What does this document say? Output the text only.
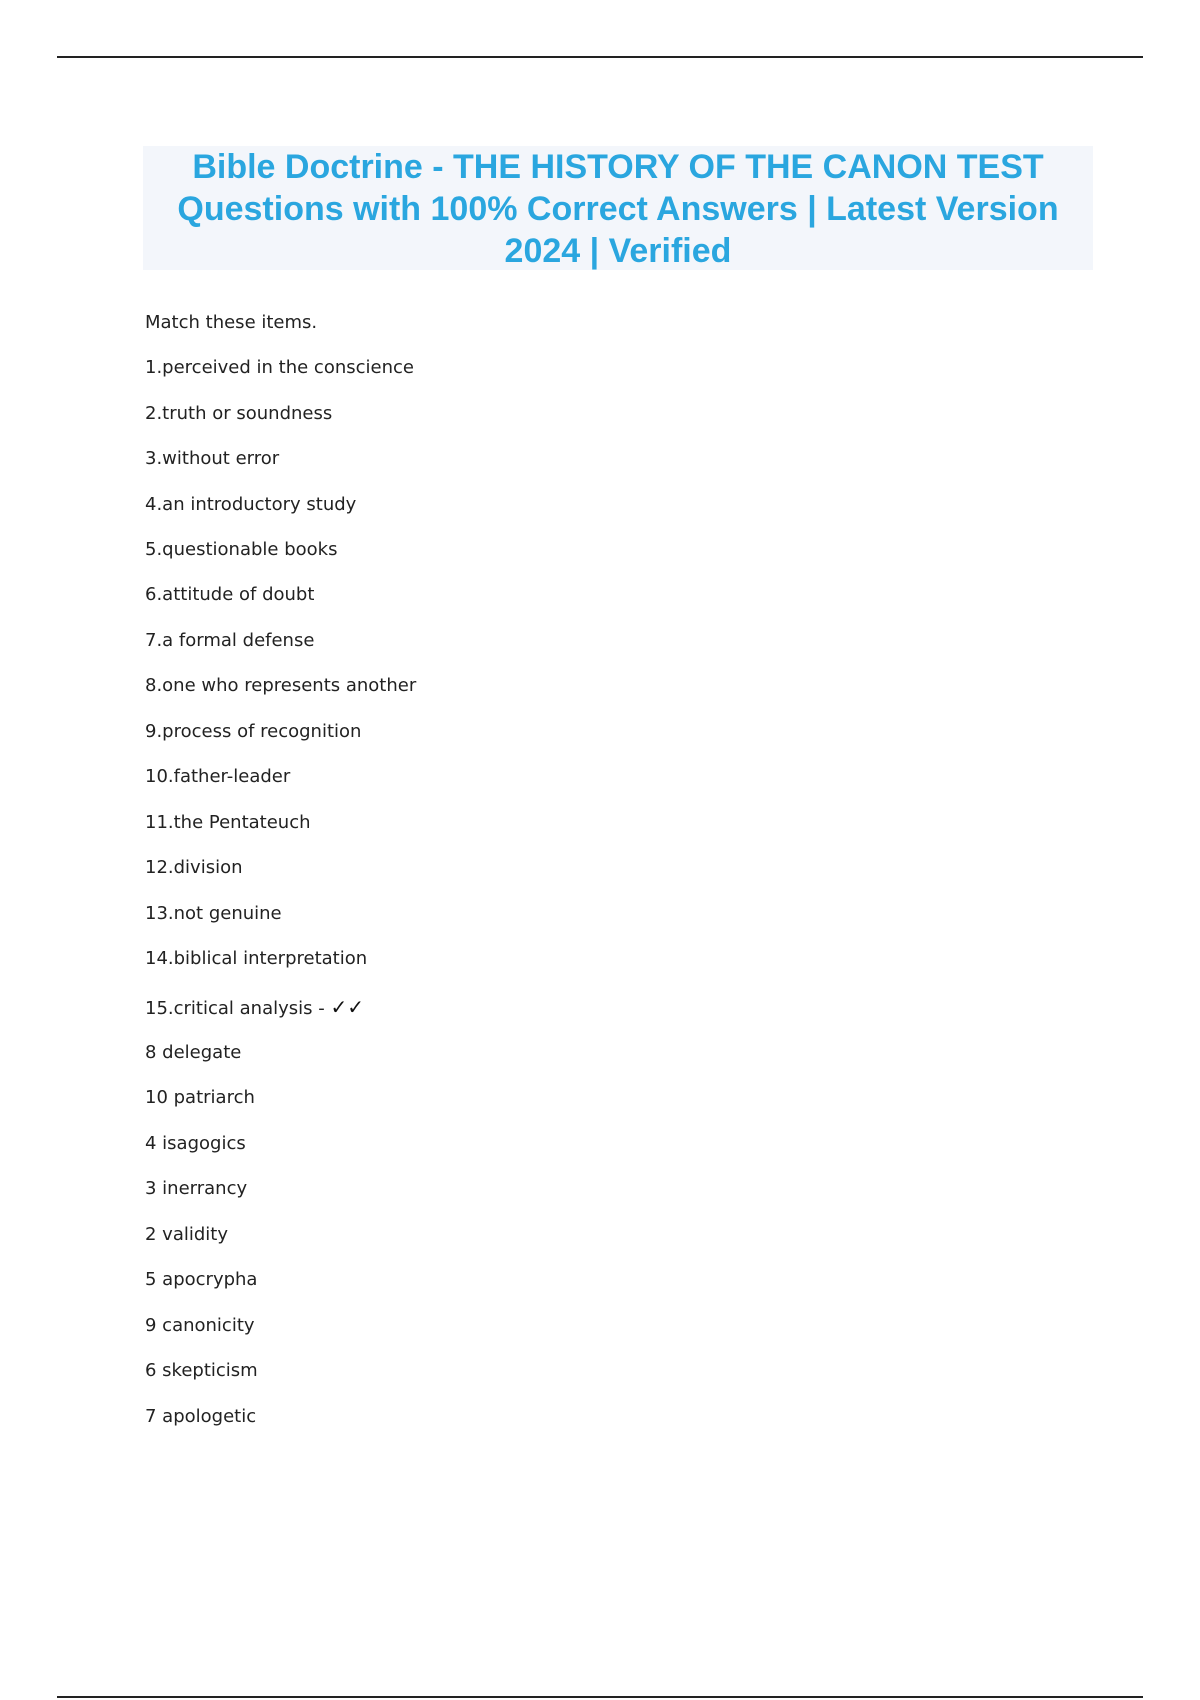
Bible Doctrine - THE HISTORY OF THE CANON TEST
Questions with 100% Correct Answers | Latest Version
2024 | Verified
Match these items.
1.perceived in the conscience
2.truth or soundness
3.without error
4.an introductory study
5.questionable books
6.attitude of doubt
7.a formal defense
8.one who represents another
9.process of recognition
10.father-leader
11.the Pentateuch
12.division
13.not genuine
14.biblical interpretation
15.critical analysis - ✓✓
8 delegate
10 patriarch
4 isagogics
3 inerrancy
2 validity
5 apocrypha
9 canonicity
6 skepticism
7 apologetic
